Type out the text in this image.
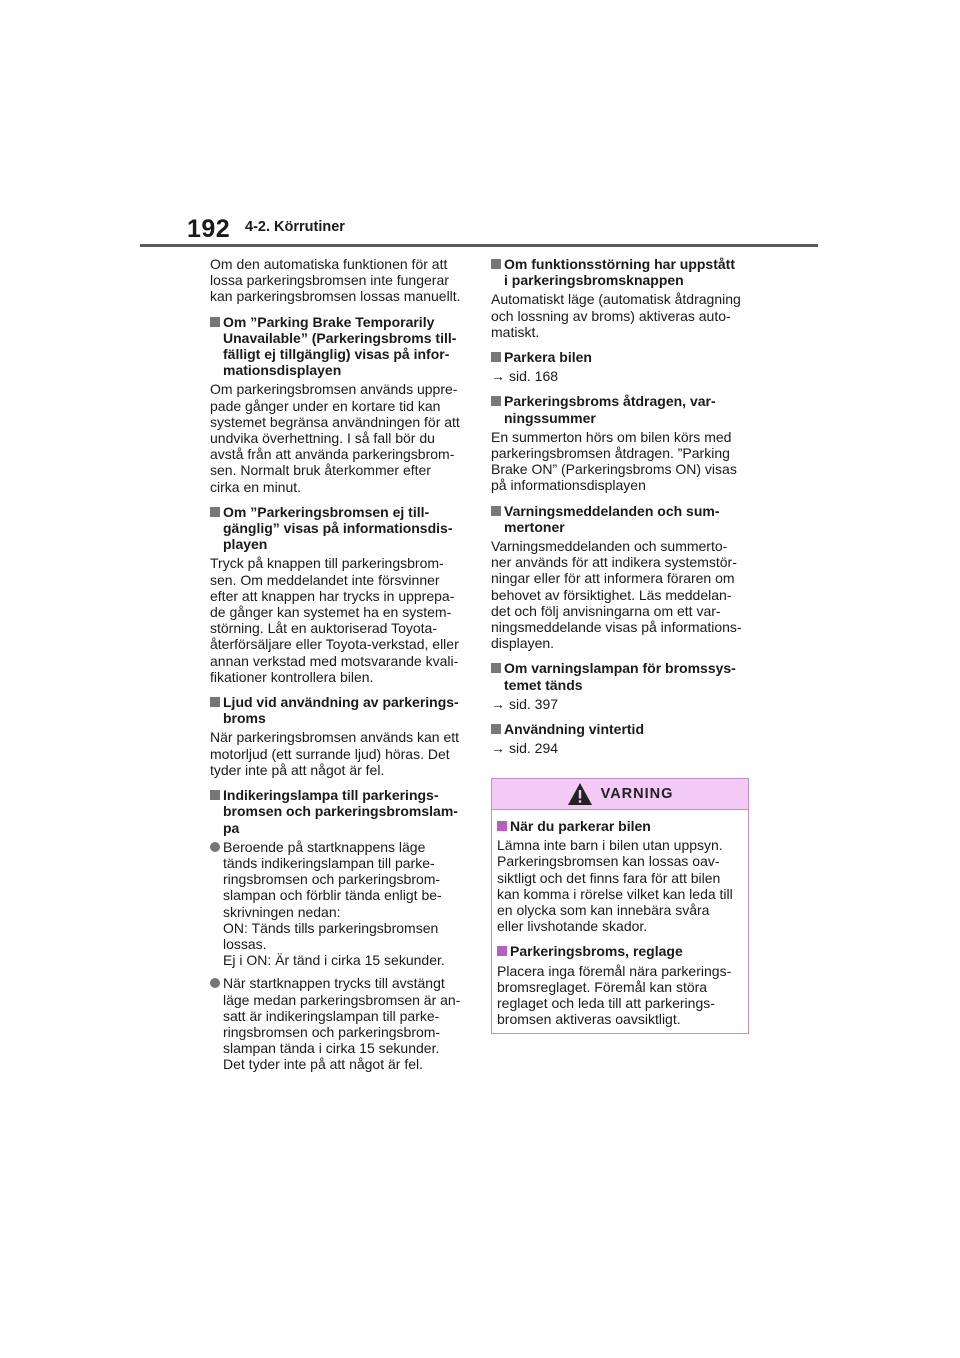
192 4-2. Körrutiner
Om den automatiska funktionen för att
lossa parkeringsbromsen inte fungerar
kan parkeringsbromsen lossas manuellt.
Om ”Parking Brake Temporarily
Unavailable” (Parkeringsbroms till-
fälligt ej tillgänglig) visas på infor-
mationsdisplayen
Om parkeringsbromsen används uppre-
pade gånger under en kortare tid kan
systemet begränsa användningen för att
undvika överhettning. I så fall bör du
avstå från att använda parkeringsbrom-
sen. Normalt bruk återkommer efter
cirka en minut.
Om ”Parkeringsbromsen ej till-
gänglig” visas på informationsdis-
playen
Tryck på knappen till parkeringsbrom-
sen. Om meddelandet inte försvinner
efter att knappen har trycks in upprepa-
de gånger kan systemet ha en system-
störning. Låt en auktoriserad Toyota-
återförsäljare eller Toyota-verkstad, eller
annan verkstad med motsvarande kvali-
fikationer kontrollera bilen.
Ljud vid användning av parkerings-
broms
När parkeringsbromsen används kan ett
motorljud (ett surrande ljud) höras. Det
tyder inte på att något är fel.
Indikeringslampa till parkerings-
bromsen och parkeringsbromslam-
pa
Beroende på startknappens läge
tänds indikeringslampan till parke-
ringsbromsen och parkeringsbrom-
slampan och förblir tända enligt be-
skrivningen nedan:
ON: Tänds tills parkeringsbromsen
lossas.
Ej i ON: Är tänd i cirka 15 sekunder.
När startknappen trycks till avstängt
läge medan parkeringsbromsen är an-
satt är indikeringslampan till parke-
ringsbromsen och parkeringsbrom-
slampan tända i cirka 15 sekunder.
Det tyder inte på att något är fel.
Om funktionsstörning har uppstått
i parkeringsbromsknappen
Automatiskt läge (automatisk åtdragning
och lossning av broms) aktiveras auto-
matiskt.
Parkera bilen
→ sid. 168
Parkeringsbroms åtdragen, var-
ningssummer
En summerton hörs om bilen körs med
parkeringsbromsen åtdragen. ”Parking
Brake ON” (Parkeringsbroms ON) visas
på informationsdisplayen
Varningsmeddelanden och sum-
mertoner
Varningsmeddelanden och summerto-
ner används för att indikera systemstör-
ningar eller för att informera föraren om
behovet av försiktighet. Läs meddelan-
det och följ anvisningarna om ett var-
ningsmeddelande visas på informations-
displayen.
Om varningslampan för bromssys-
temet tänds
→ sid. 397
Användning vintertid
→ sid. 294
VARNING
När du parkerar bilen
Lämna inte barn i bilen utan uppsyn.
Parkeringsbromsen kan lossas oav-
siktligt och det finns fara för att bilen
kan komma i rörelse vilket kan leda till
en olycka som kan innebära svåra
eller livshotande skador.
Parkeringsbroms, reglage
Placera inga föremål nära parkerings-
bromsreglaget. Föremål kan störa
reglaget och leda till att parkerings-
bromsen aktiveras oavsiktligt.
